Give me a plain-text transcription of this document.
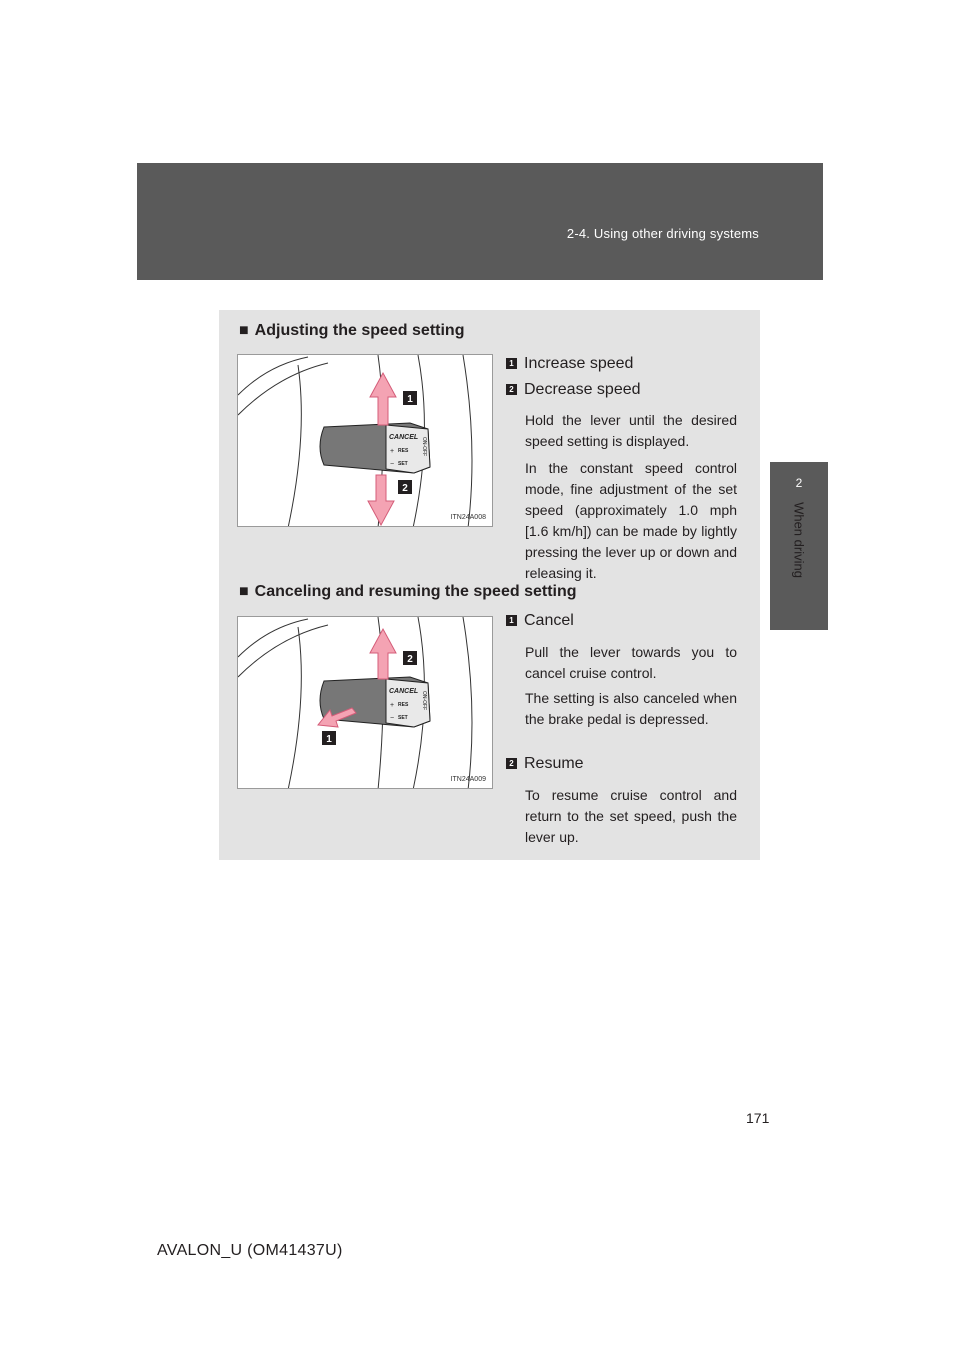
2-4. Using other driving systems
2
When driving
■ Adjusting the speed setting
CANCEL
+ RES
− SET
ON-OFF
1
2
ITN24A008
1 Increase speed
2 Decrease speed
Hold the lever until the desired speed setting is displayed.
In the constant speed control mode, fine adjustment of the set speed (approximately 1.0 mph [1.6 km/h]) can be made by lightly pressing the lever up or down and releasing it.
■ Canceling and resuming the speed setting
CANCEL
+ RES
− SET
ON-OFF
2
1
ITN24A009
1 Cancel
Pull the lever towards you to cancel cruise control.
The setting is also canceled when the brake pedal is depressed.
2 Resume
To resume cruise control and return to the set speed, push the lever up.
171
AVALON_U (OM41437U)
